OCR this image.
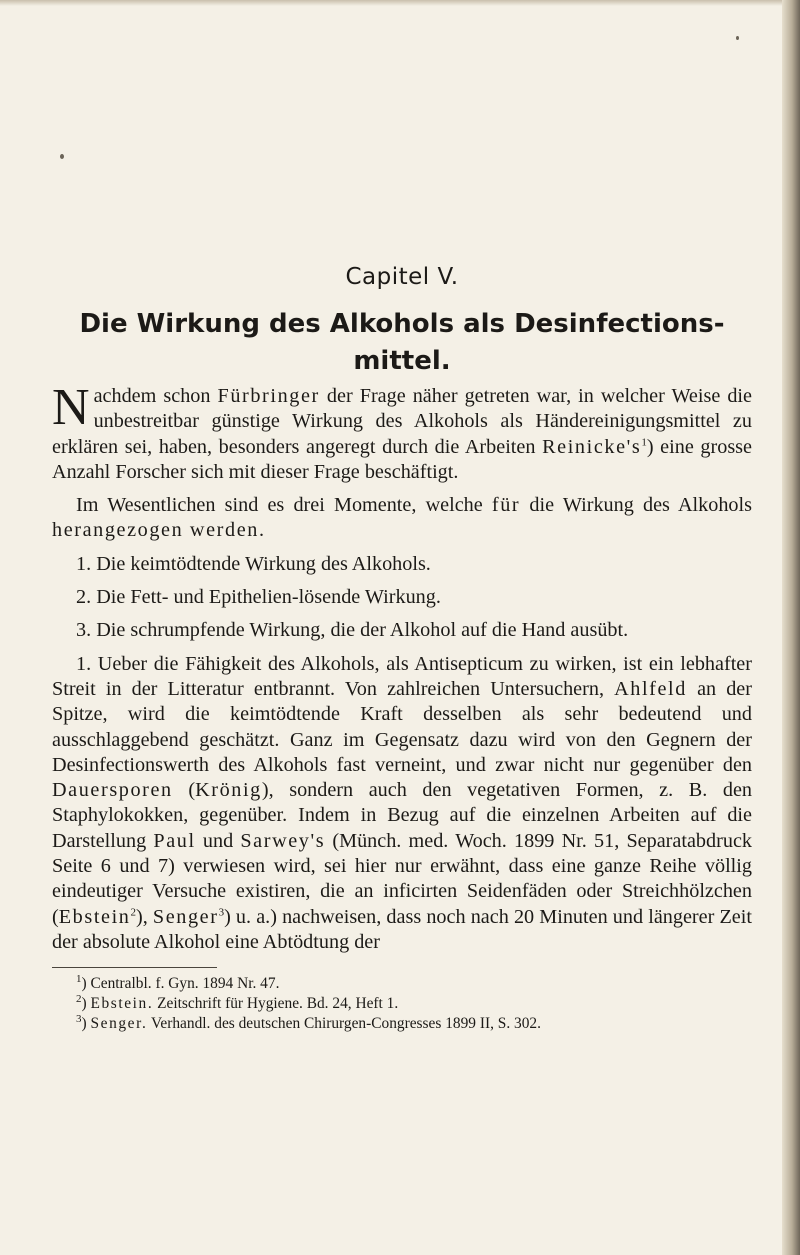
Capitel V.
Die Wirkung des Alkohols als Desinfections-
mittel.

Nachdem schon Fürbringer der Frage näher getreten war, in welcher Weise die unbestreitbar günstige Wirkung des Alkohols als Händereinigungsmittel zu erklären sei, haben, besonders angeregt durch die Arbeiten $Reinicke's^1$) eine grosse Anzahl Forscher sich mit dieser Frage beschäftigt.

Im Wesentlichen sind es drei Momente, welche für die Wirkung des Alkohols herangezogen werden.

1. Die keimtödtende Wirkung des Alkohols.

2. Die Fett- und Epithelien-lösende Wirkung.

3. Die schrumpfende Wirkung, die der Alkohol auf die Hand ausübt.

1. Ueber die Fähigkeit des Alkohols, als Antisepticum zu wirken, ist ein lebhafter Streit in der Litteratur entbrannt. Von zahlreichen Untersuchern, Ahlfeld an der Spitze, wird die keimtödtende Kraft desselben als sehr bedeutend und ausschlaggebend geschätzt. Ganz im Gegensatz dazu wird von den Gegnern der Desinfectionswerth des Alkohols fast verneint, und zwar nicht nur gegenüber den Dauersporen (Krönig), sondern auch den vegetativen Formen, z. B. den Staphylokokken, gegenüber. Indem in Bezug auf die einzelnen Arbeiten auf die Darstellung Paul und Sarwey's (Münch. med. Woch. 1899 Nr. 51, Separatabdruck Seite 6 und 7) verwiesen wird, sei hier nur erwähnt, dass eine ganze Reihe völlig eindeutiger Versuche existiren, die an inficirten Seidenfäden oder Streichhölzchen (Ebstein$^2$), Senger$^3$) u. a.) nachweisen, dass noch nach 20 Minuten und längerer Zeit der absolute Alkohol eine Abtödtung der

$^1$) Centralbl. f. Gyn. 1894 Nr. 47.

$^2$) Ebstein. Zeitschrift für Hygiene. Bd. 24, Heft 1.

$^3$) Senger. Verhandl. des deutschen Chirurgen-Congresses 1899 II, S. 302.
